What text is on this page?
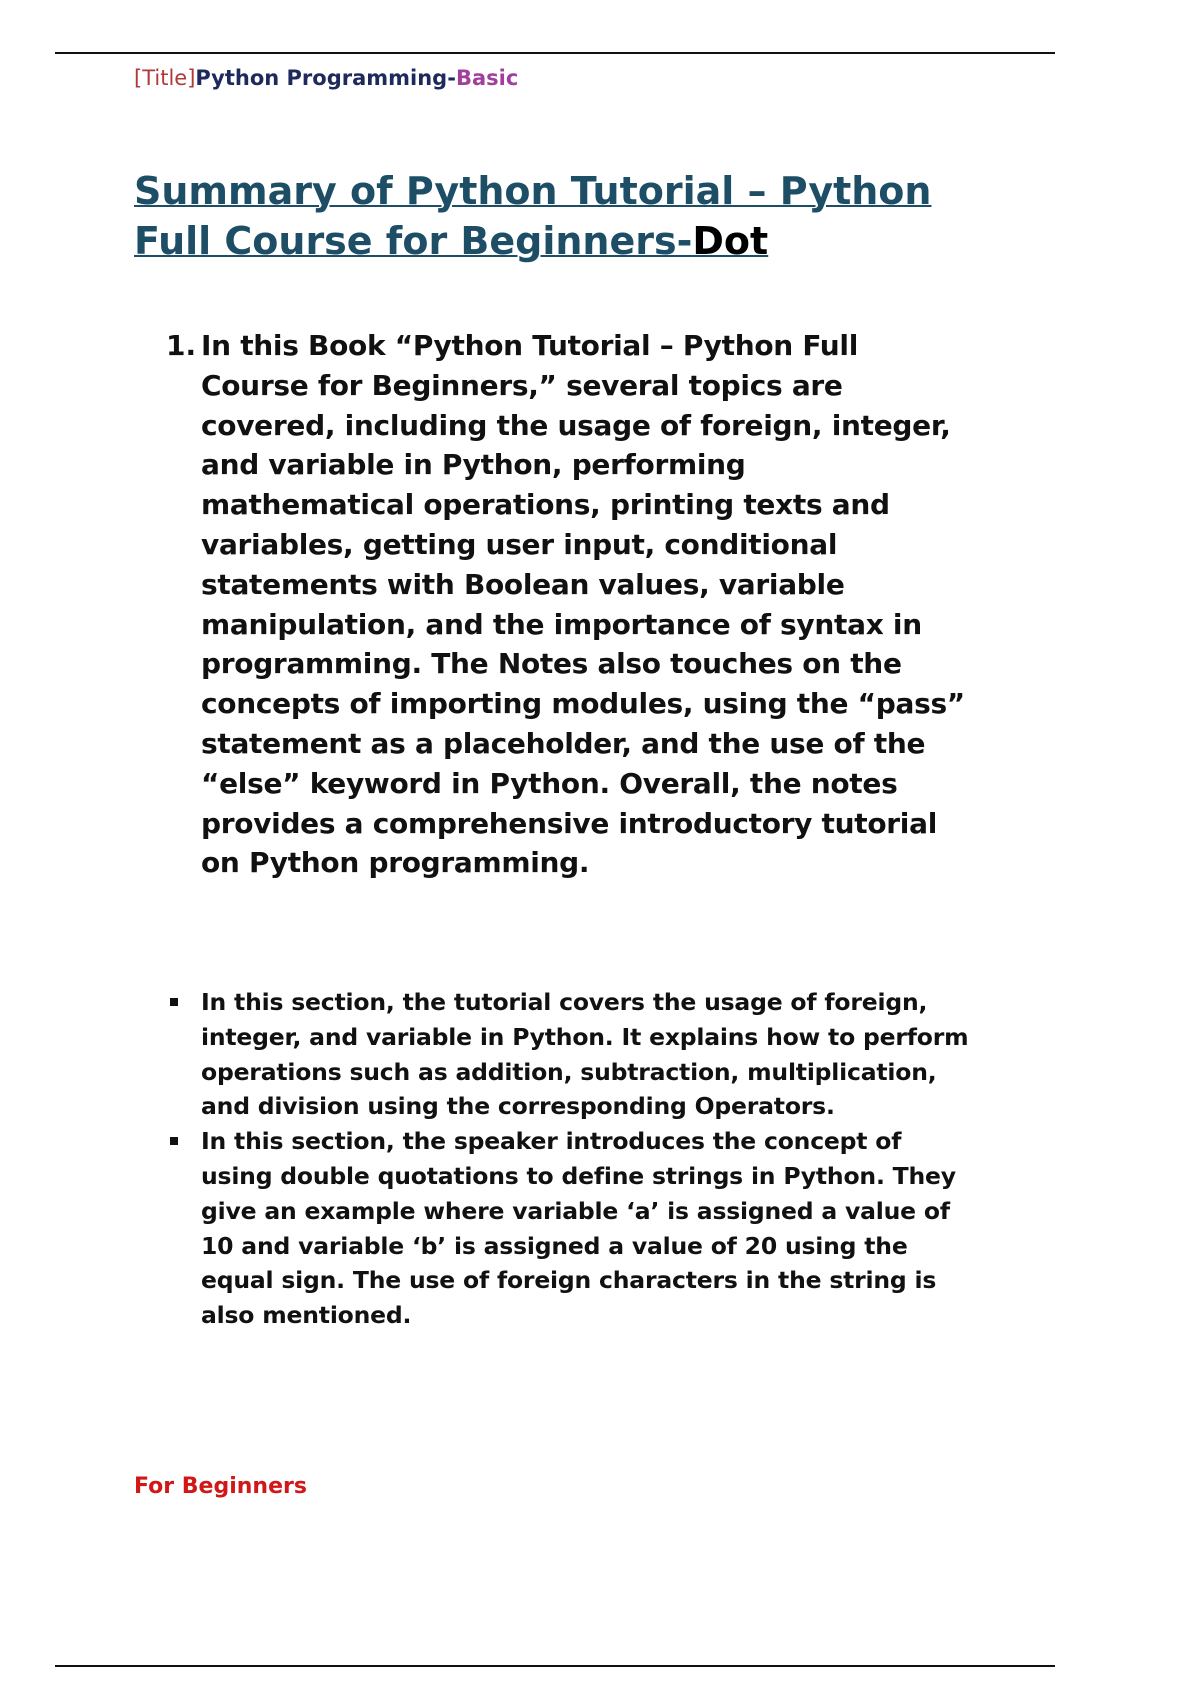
[Title]Python Programming-Basic
Summary of Python Tutorial – Python Full Course for Beginners-Dot
1. In this Book “Python Tutorial – Python Full Course for Beginners,” several topics are covered, including the usage of foreign, integer, and variable in Python, performing mathematical operations, printing texts and variables, getting user input, conditional statements with Boolean values, variable manipulation, and the importance of syntax in programming. The Notes also touches on the concepts of importing modules, using the “pass” statement as a placeholder, and the use of the “else” keyword in Python. Overall, the notes provides a comprehensive introductory tutorial on Python programming.
In this section, the tutorial covers the usage of foreign, integer, and variable in Python. It explains how to perform operations such as addition, subtraction, multiplication, and division using the corresponding Operators.
In this section, the speaker introduces the concept of using double quotations to define strings in Python. They give an example where variable ‘a’ is assigned a value of 10 and variable ‘b’ is assigned a value of 20 using the equal sign. The use of foreign characters in the string is also mentioned.
For Beginners
